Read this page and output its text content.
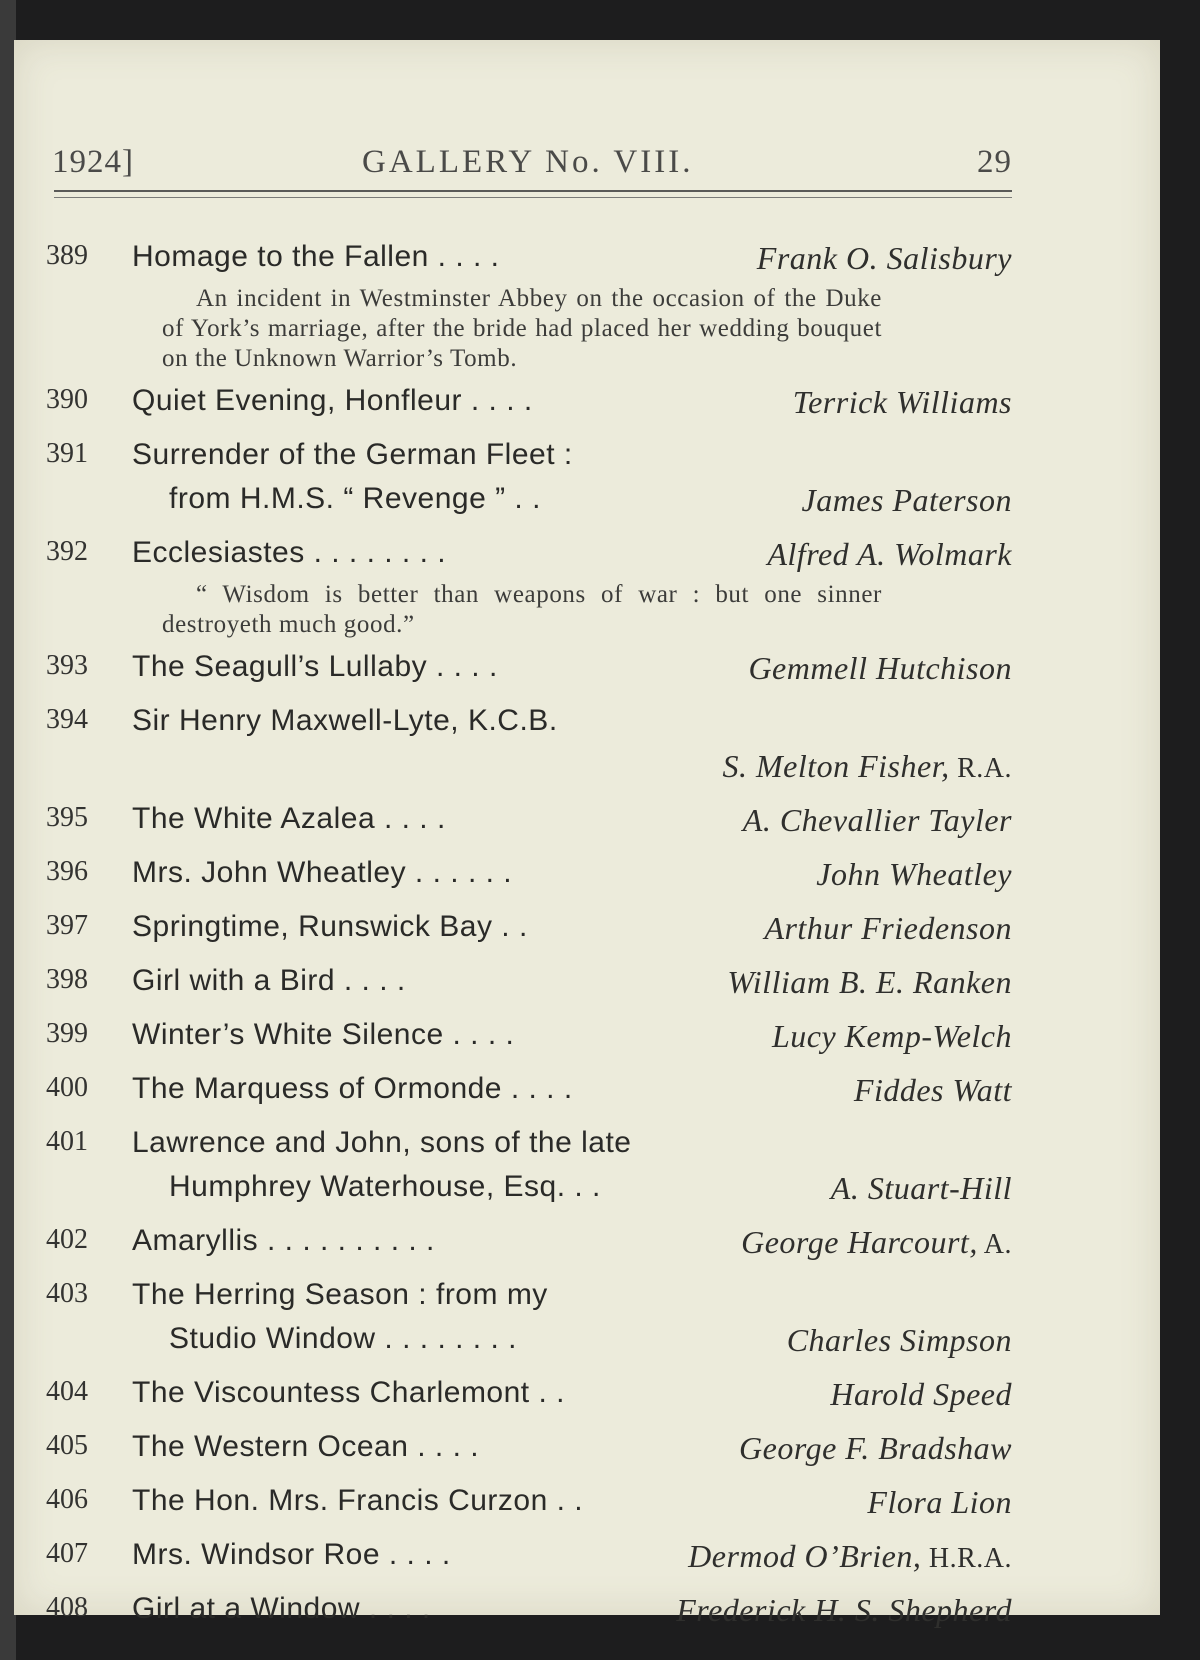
1924]	GALLERY No. VIII.	29
389 Homage to the Fallen . . . .	Frank O. Salisbury
An incident in Westminster Abbey on the occasion of the Duke of York’s marriage, after the bride had placed her wedding bouquet on the Unknown Warrior’s Tomb.
390 Quiet Evening, Honfleur . . . .	Terrick Williams
391 Surrender of the German Fleet :
from H.M.S. “ Revenge ” . .	James Paterson
392 Ecclesiastes . . . . . . . .	Alfred A. Wolmark
“ Wisdom is better than weapons of war : but one sinner destroyeth much good.”
393 The Seagull’s Lullaby . . . .	Gemmell Hutchison
394 Sir Henry Maxwell-Lyte, K.C.B.
S. Melton Fisher, R.A.
395 The White Azalea . . . .	A. Chevallier Tayler
396 Mrs. John Wheatley . . . . . .	John Wheatley
397 Springtime, Runswick Bay . .	Arthur Friedenson
398 Girl with a Bird . . . .	William B. E. Ranken
399 Winter’s White Silence . . . .	Lucy Kemp-Welch
400 The Marquess of Ormonde . . . .	Fiddes Watt
401 Lawrence and John, sons of the late
Humphrey Waterhouse, Esq. . .	A. Stuart-Hill
402 Amaryllis . . . . . . . . . .	George Harcourt, A.
403 The Herring Season : from my
Studio Window . . . . . . . .	Charles Simpson
404 The Viscountess Charlemont . .	Harold Speed
405 The Western Ocean . . . .	George F. Bradshaw
406 The Hon. Mrs. Francis Curzon . .	Flora Lion
407 Mrs. Windsor Roe . . . .	Dermod O’Brien, H.R.A.
408 Girl at a Window . . . .	Frederick H. S. Shepherd
